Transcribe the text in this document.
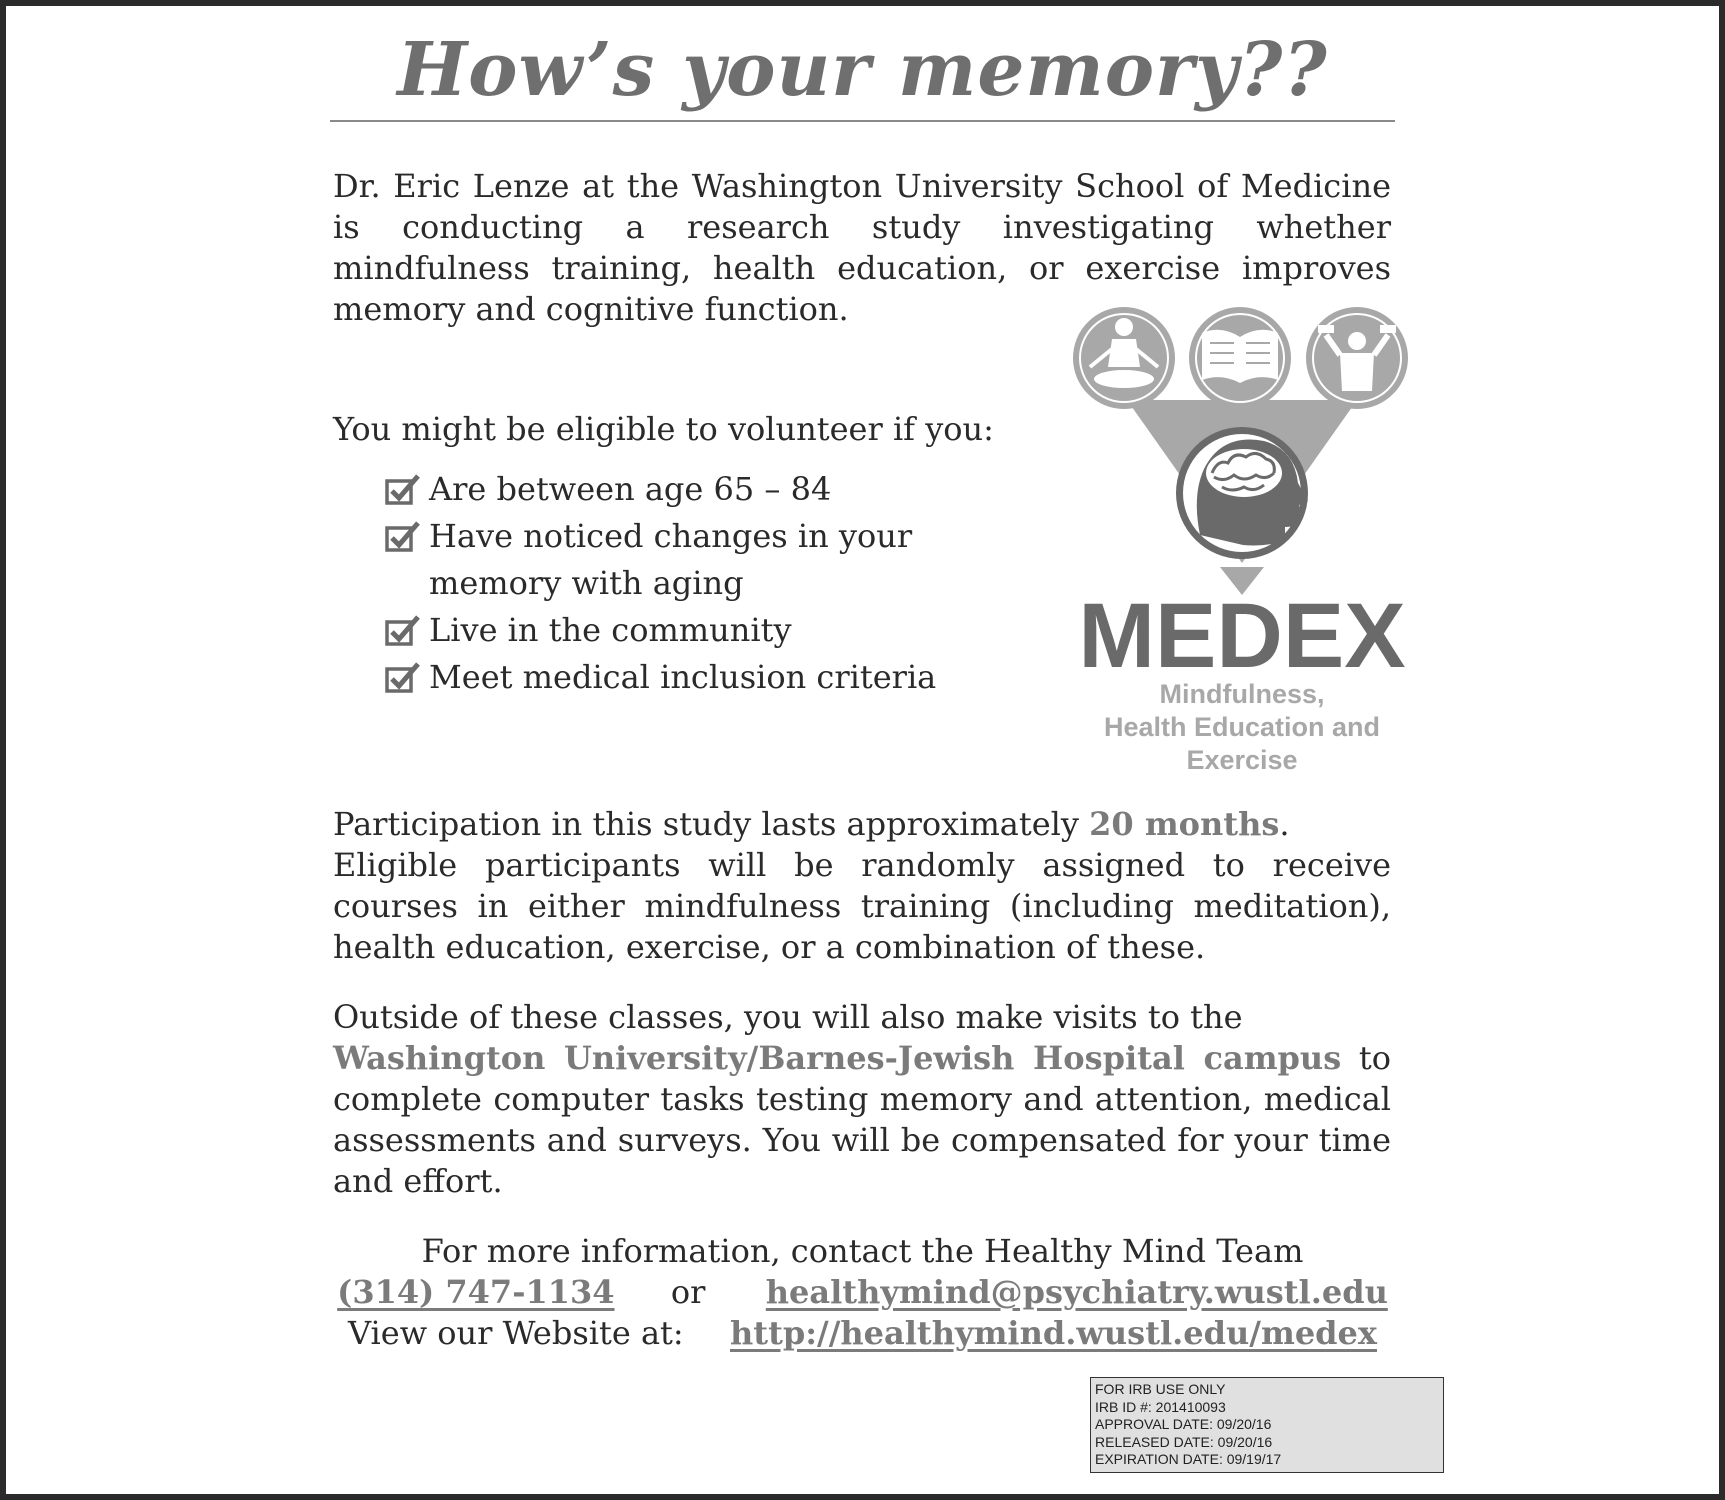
How’s your memory??
Dr. Eric Lenze at the Washington University School of Medicine is conducting a research study investigating whether mindfulness training, health education, or exercise improves memory and cognitive function.
You might be eligible to volunteer if you:
Are between age 65 – 84
Have noticed changes in your memory with aging
Live in the community
Meet medical inclusion criteria	MEDEX
Mindfulness,
Health Education and
Exercise
Participation in this study lasts approximately 20 months.
Eligible participants will be randomly assigned to receive courses in either mindfulness training (including meditation), health education, exercise, or a combination of these.
Outside of these classes, you will also make visits to the
Washington University/Barnes-Jewish Hospital campus to complete computer tasks testing memory and attention, medical assessments and surveys. You will be compensated for your time and effort.
For more information, contact the Healthy Mind Team
(314) 747-1134 or healthymind@psychiatry.wustl.edu
View our Website at: http://healthymind.wustl.edu/medex
FOR IRB USE ONLY
IRB ID #: 201410093
APPROVAL DATE: 09/20/16
RELEASED DATE: 09/20/16
EXPIRATION DATE: 09/19/17
